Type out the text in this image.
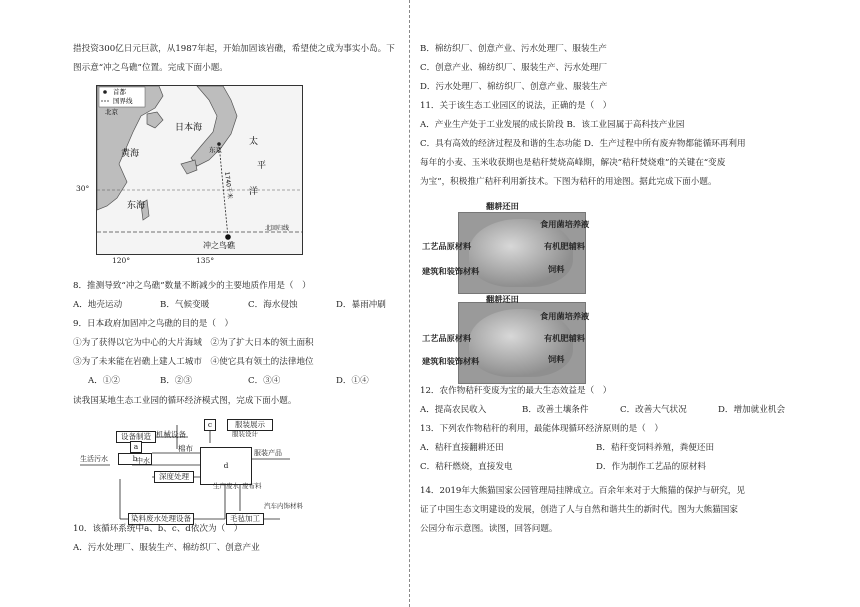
措投资300亿日元巨款，从1987年起，开始加固该岩礁，希望使之成为事实小岛。下
图示意“冲之鸟礁”位置。完成下面小题。
首都
国界线
北京
日本海
太
平
洋
黄海	东京
东海
1740千米
北回归线
冲之鸟礁
30°
120°	135°
8．推测导致“冲之鸟礁”数量不断减少的主要地质作用是（　）
A．地壳运动	B．气候变暖	C．海水侵蚀	D．暴雨冲刷
9．日本政府加固冲之鸟礁的目的是（　）
①为了获得以它为中心的大片海域　②为了扩大日本的领土面积
③为了未来能在岩礁上建人工城市　④使它具有领土的法律地位
A．①②	B．②③	C．③④	D．①④
读我国某地生态工业园的循环经济模式图，完成下面小题。
c	服装展示
服装设计
设备制造 机械设备
棉布
a
b
d
服装产品
生活污水	中水
深度处理
生产废水 废布料
染料废水处理设备	毛毡加工
汽车内饰材料
10．该循环系统中a、b、c、d依次为（　）
A．污水处理厂、服装生产、棉纺织厂、创意产业
B．棉纺织厂、创意产业、污水处理厂、服装生产
C．创意产业、棉纺织厂、服装生产、污水处理厂
D．污水处理厂、棉纺织厂、创意产业、服装生产
11．关于该生态工业园区的说法，正确的是（　）
A．产业生产处于工业发展的成长阶段 B．该工业园属于高科技产业园
C．具有高效的经济过程及和谐的生态功能 D．生产过程中所有废弃物都能循环再利用
每年的小麦、玉米收获期也是秸秆焚烧高峰期，解决“秸秆焚烧难”的关键在“变废
为宝”，积极推广秸秆利用新技术。下图为秸秆的用途图。据此完成下面小题。
翻耕还田
食用菌培养液
工艺品原材料	有机肥辅料
建筑和装饰材料	饲料
翻耕还田
食用菌培养液
工艺品原材料	有机肥辅料
建筑和装饰材料	饲料
12．农作物秸秆变废为宝的最大生态效益是（　）
A．提高农民收入	B．改善土壤条件	C．改善大气状况	D．增加就业机会
13．下列农作物秸秆的利用，最能体现循环经济原则的是（　）
A．秸秆直接翻耕还田	B．秸秆变饲料养殖，粪便还田
C．秸秆燃烧，直接发电	D．作为制作工艺品的原材料
14．2019年大熊猫国家公园管理局挂牌成立。百余年来对于大熊猫的保护与研究，见
证了中国生态文明建设的发展，创造了人与自然和谐共生的新时代。图为大熊猫国家
公园分布示意图。读图，回答问题。
